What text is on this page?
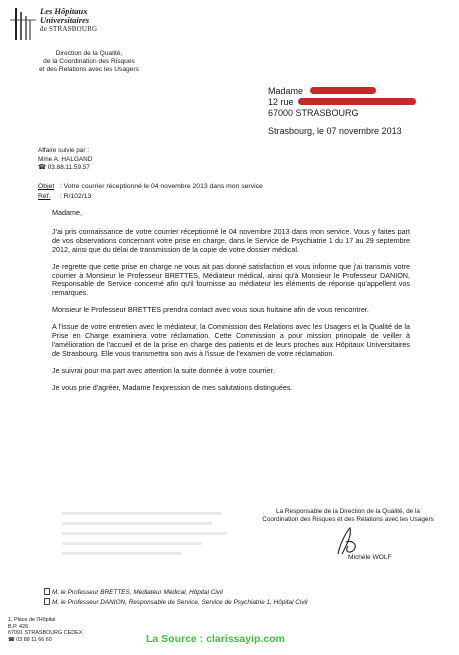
Les Hôpitaux
Universitaires
de STRASBOURG
Direction de la Qualité,
de la Coordination des Risques
et des Relations avec les Usagers
Madame
12 rue
67000 STRASBOURG
Strasbourg, le 07 novembre 2013
Affaire suivie par :
Mme A. HALGAND
☎ 03.88.11.59.57
Objet : Votre courrier réceptionné le 04 novembre 2013 dans mon service
Réf. : R/102/13

Madame,

J'ai pris connaissance de votre courrier réceptionné le 04 novembre 2013 dans mon service. Vous y faites part de vos observations concernant votre prise en charge, dans le Service de Psychiatrie 1 du 17 au 29 septembre 2012, ainsi que du délai de transmission de la copie de votre dossier médical.

Je regrette que cette prise en charge ne vous ait pas donné satisfaction et vous informe que j'ai transmis votre courrier à Monsieur le Professeur BRETTES, Médiateur médical, ainsi qu'à Monsieur le Professeur DANION, Responsable de Service concerné afin qu'il fournisse au médiateur les éléments de réponse qu'appellent vos remarques.

Monsieur le Professeur BRETTES prendra contact avec vous sous huitaine afin de vous rencontrer.

A l'issue de votre entretien avec le médiateur, la Commission des Relations avec les Usagers et la Qualité de la Prise en Charge examinera votre réclamation. Cette Commission a pour mission principale de veiller à l'amélioration de l'accueil et de la prise en charge des patients et de leurs proches aux Hôpitaux Universitaires de Strasbourg. Elle vous transmettra son avis à l'issue de l'examen de votre réclamation.

Je suivrai pour ma part avec attention la suite donnée à votre courrier.

Je vous prie d'agréer, Madame l'expression de mes salutations distinguées.

La Responsable de la Direction de la Qualité, de la
Coordination des Risques et des Relations avec les Usagers
Michèle WOLF
M. le Professeur BRETTES, Médiateur Médical, Hôpital Civil
M. le Professeur DANION, Responsable de Service, Service de Psychiatrie 1, Hôpital Civil
1, Place de l'Hôpital
B.P. 426
67091 STRASBOURG CEDEX
☎ 03 88 11 66 60	La Source : clarissayip.com
